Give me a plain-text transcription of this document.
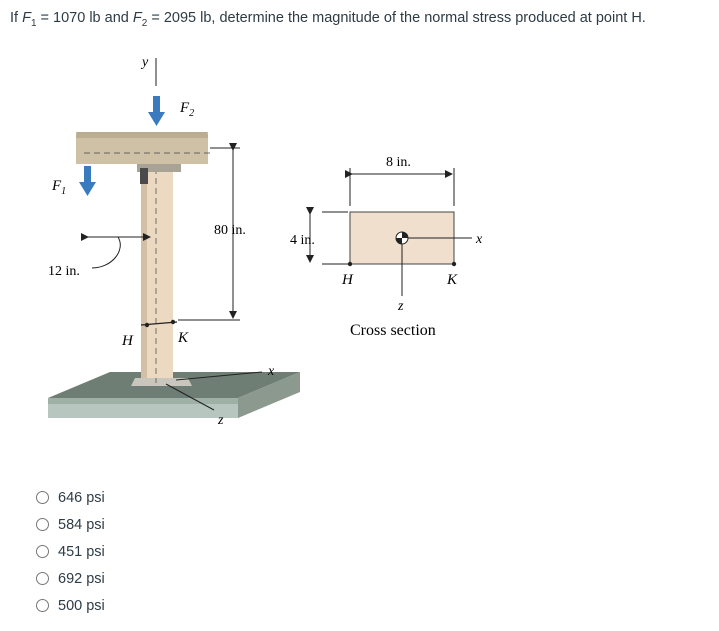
If $F_1 = 1070$ lb and $F_2 = 2095$ lb, determine the magnitude of the normal stress produced at point H.
y
$F_2$
$F_1$
12 in.
80 in.
H	K
x
z
8 in.
4 in.	x
z
H	K
Cross section
646 psi
584 psi
451 psi
692 psi
500 psi
